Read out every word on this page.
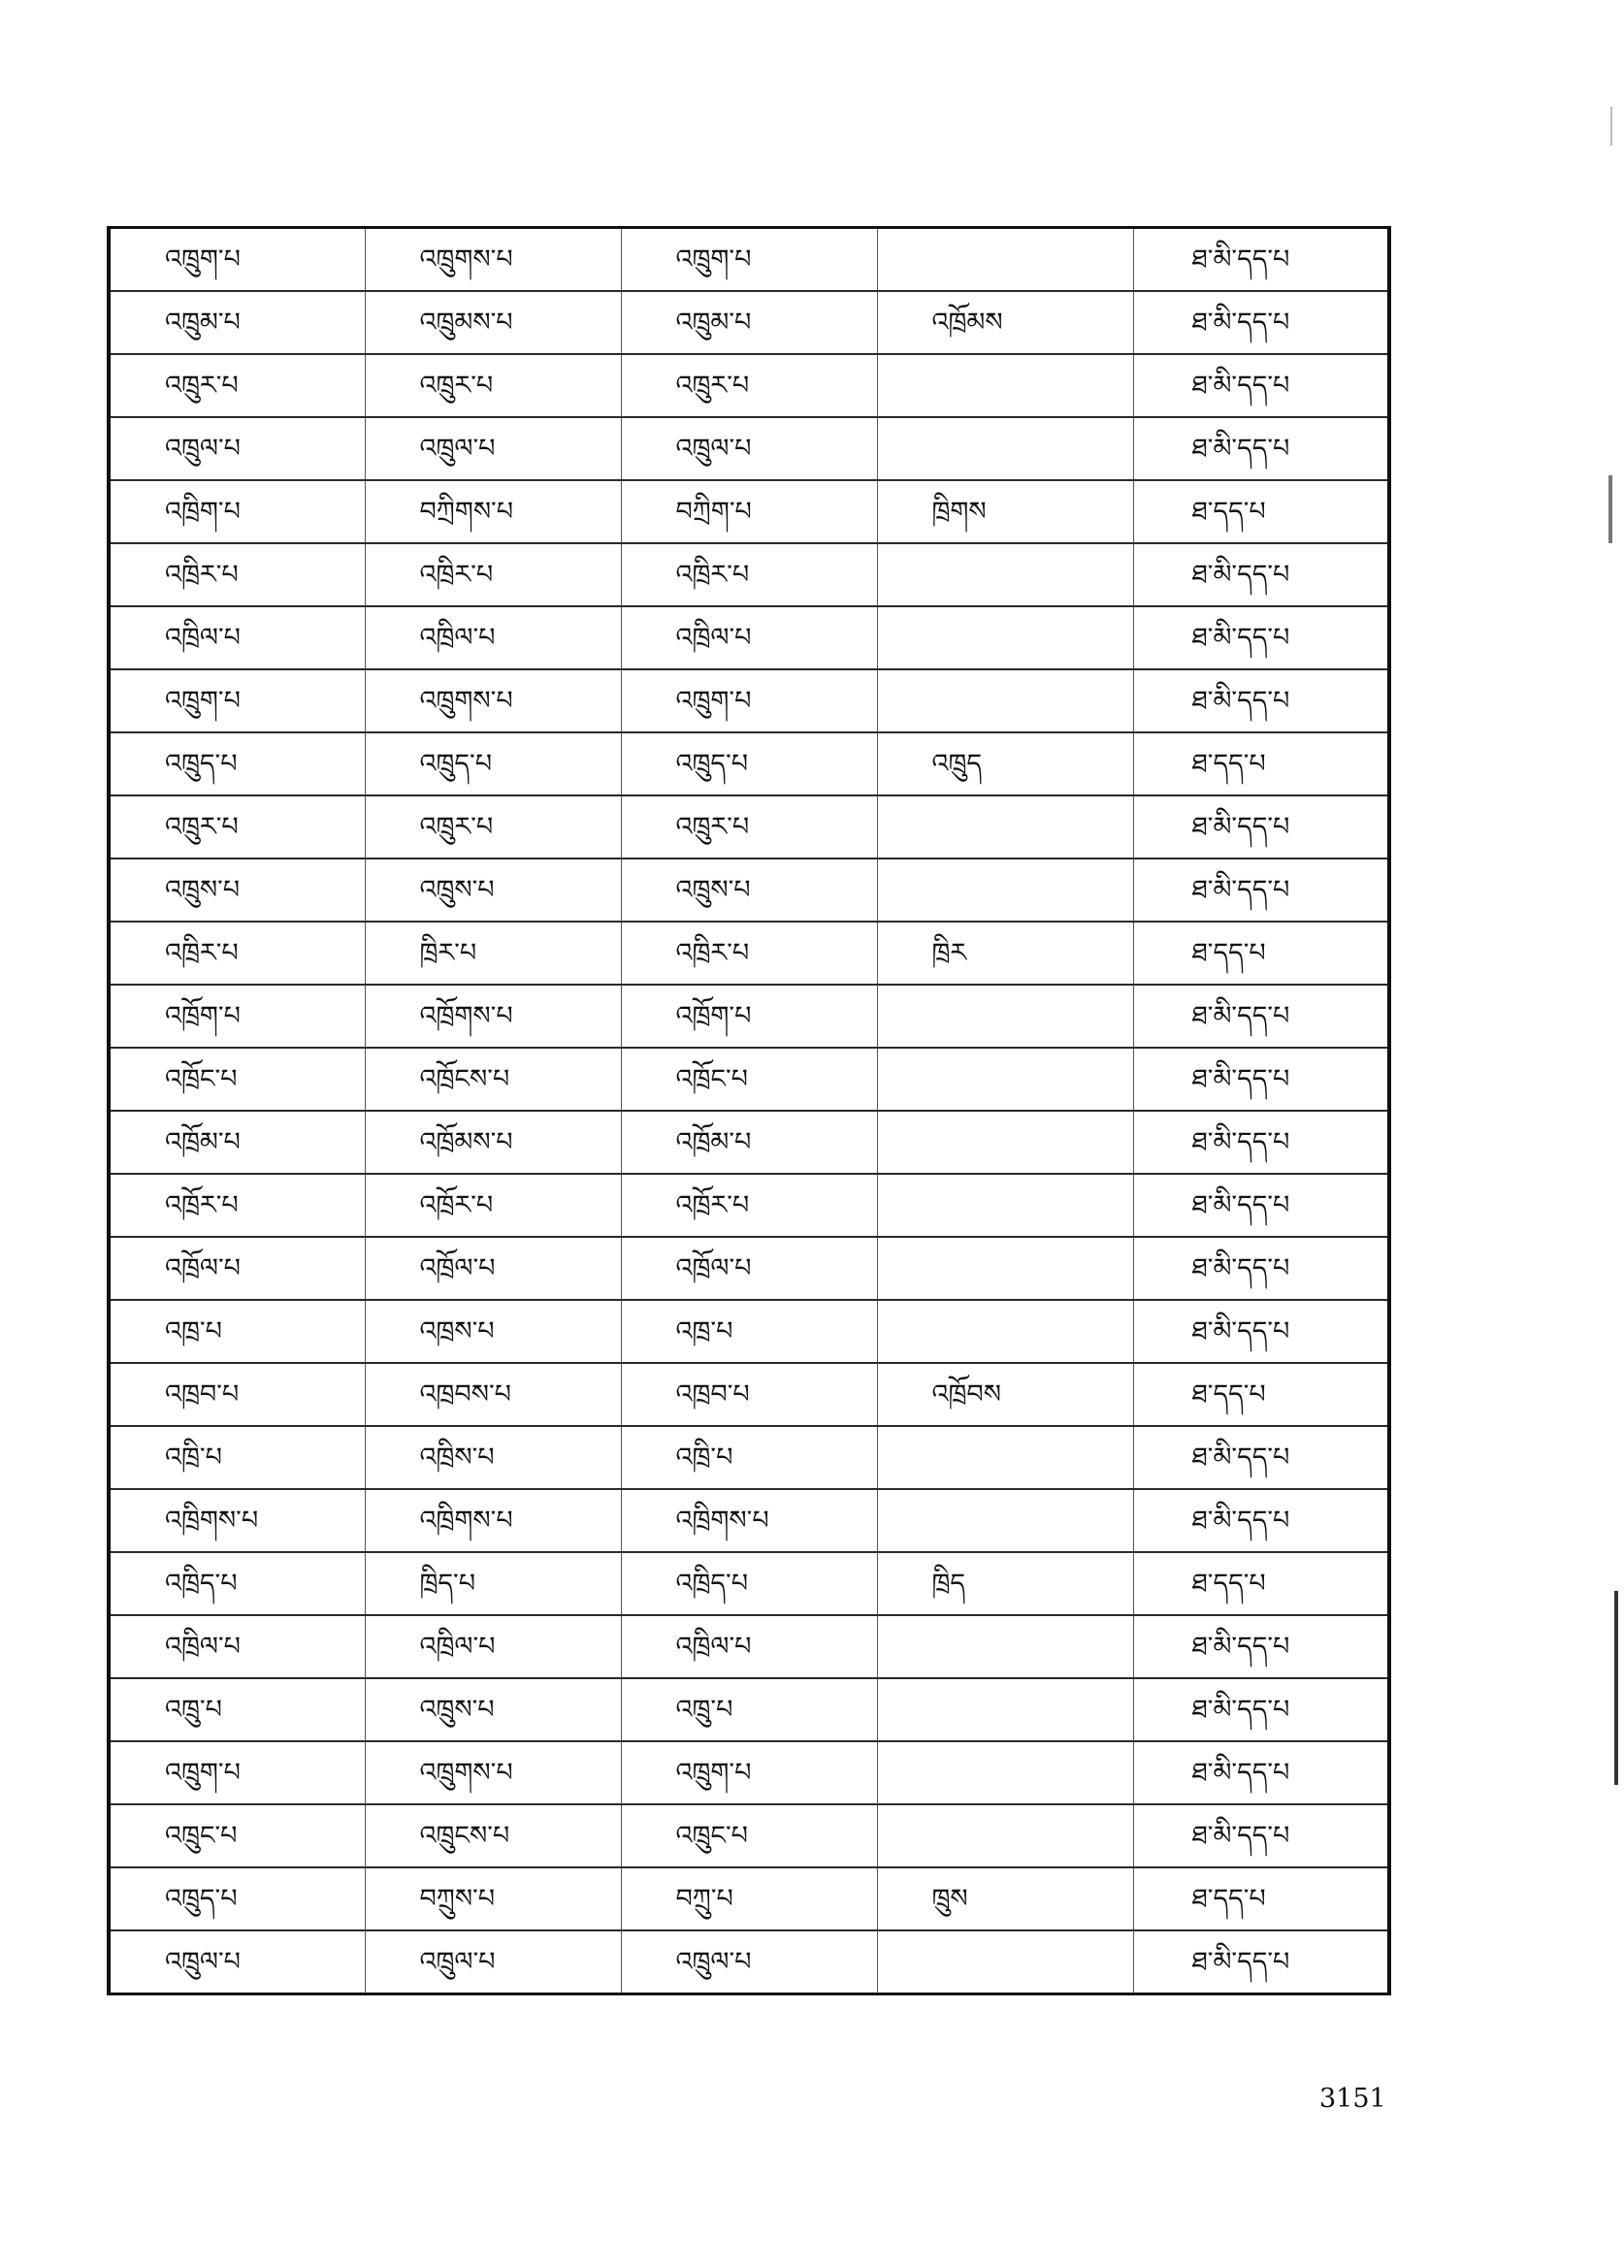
འཁྲུག་པ	འཁྲུགས་པ	འཁྲུག་པ		ཐ་མི་དད་པ
འཁྲུམ་པ	འཁྲུམས་པ	འཁྲུམ་པ	འཁྲོམས	ཐ་མི་དད་པ
འཁྲུར་པ	འཁྲུར་པ	འཁྲུར་པ		ཐ་མི་དད་པ
འཁྲུལ་པ	འཁྲུལ་པ	འཁྲུལ་པ		ཐ་མི་དད་པ
འཁྲིག་པ	བཀྲིགས་པ	བཀྲིག་པ	ཁྲིགས	ཐ་དད་པ
འཁྲིར་པ	འཁྲིར་པ	འཁྲིར་པ		ཐ་མི་དད་པ
འཁྲིལ་པ	འཁྲིལ་པ	འཁྲིལ་པ		ཐ་མི་དད་པ
འཁྲུག་པ	འཁྲུགས་པ	འཁྲུག་པ		ཐ་མི་དད་པ
འཁྲུད་པ	འཁྲུད་པ	འཁྲུད་པ	འཁྲུད	ཐ་དད་པ
འཁྲུར་པ	འཁྲུར་པ	འཁྲུར་པ		ཐ་མི་དད་པ
འཁྲུས་པ	འཁྲུས་པ	འཁྲུས་པ		ཐ་མི་དད་པ
འཁྲིར་པ	ཁྲིར་པ	འཁྲིར་པ	ཁྲིར	ཐ་དད་པ
འཁྲོག་པ	འཁྲོགས་པ	འཁྲོག་པ		ཐ་མི་དད་པ
འཁྲོང་པ	འཁྲོངས་པ	འཁྲོང་པ		ཐ་མི་དད་པ
འཁྲོམ་པ	འཁྲོམས་པ	འཁྲོམ་པ		ཐ་མི་དད་པ
འཁྲོར་པ	འཁྲོར་པ	འཁྲོར་པ		ཐ་མི་དད་པ
འཁྲོལ་པ	འཁྲོལ་པ	འཁྲོལ་པ		ཐ་མི་དད་པ
འཁྲ་པ	འཁྲས་པ	འཁྲ་པ		ཐ་མི་དད་པ
འཁྲབ་པ	འཁྲབས་པ	འཁྲབ་པ	འཁྲོབས	ཐ་དད་པ
འཁྲི་པ	འཁྲིས་པ	འཁྲི་པ		ཐ་མི་དད་པ
འཁྲིགས་པ	འཁྲིགས་པ	འཁྲིགས་པ		ཐ་མི་དད་པ
འཁྲིད་པ	ཁྲིད་པ	འཁྲིད་པ	ཁྲིད	ཐ་དད་པ
འཁྲིལ་པ	འཁྲིལ་པ	འཁྲིལ་པ		ཐ་མི་དད་པ
འཁྲུ་པ	འཁྲུས་པ	འཁྲུ་པ		ཐ་མི་དད་པ
འཁྲུག་པ	འཁྲུགས་པ	འཁྲུག་པ		ཐ་མི་དད་པ
འཁྲུང་པ	འཁྲུངས་པ	འཁྲུང་པ		ཐ་མི་དད་པ
འཁྲུད་པ	བཀྲུས་པ	བཀྲུ་པ	ཁྲུས	ཐ་དད་པ
འཁྲུལ་པ	འཁྲུལ་པ	འཁྲུལ་པ		ཐ་མི་དད་པ
3151
